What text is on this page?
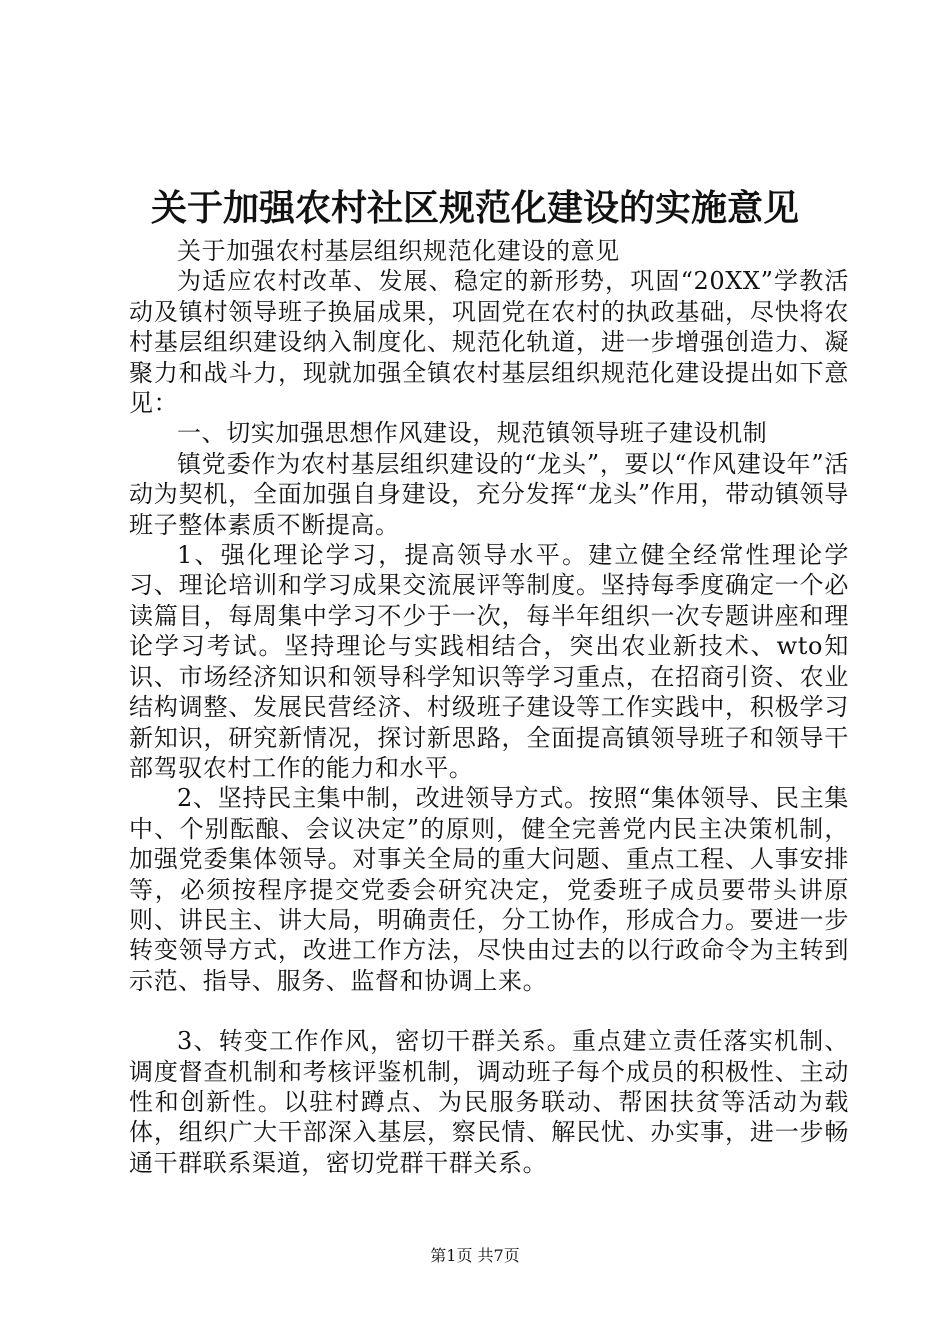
关于加强农村社区规范化建设的实施意见

关于加强农村基层组织规范化建设的意见

为适应农村改革、发展、稳定的新形势，巩固“20XX”学教活动及镇村领导班子换届成果，巩固党在农村的执政基础，尽快将农村基层组织建设纳入制度化、规范化轨道，进一步增强创造力、凝聚力和战斗力，现就加强全镇农村基层组织规范化建设提出如下意见：

一、切实加强思想作风建设，规范镇领导班子建设机制

镇党委作为农村基层组织建设的“龙头”，要以“作风建设年”活动为契机，全面加强自身建设，充分发挥“龙头”作用，带动镇领导班子整体素质不断提高。

1、强化理论学习，提高领导水平。建立健全经常性理论学习、理论培训和学习成果交流展评等制度。坚持每季度确定一个必读篇目，每周集中学习不少于一次，每半年组织一次专题讲座和理论学习考试。坚持理论与实践相结合，突出农业新技术、wto知识、市场经济知识和领导科学知识等学习重点，在招商引资、农业结构调整、发展民营经济、村级班子建设等工作实践中，积极学习新知识，研究新情况，探讨新思路，全面提高镇领导班子和领导干部驾驭农村工作的能力和水平。

2、坚持民主集中制，改进领导方式。按照“集体领导、民主集中、个别酝酿、会议决定”的原则，健全完善党内民主决策机制，加强党委集体领导。对事关全局的重大问题、重点工程、人事安排等，必须按程序提交党委会研究决定，党委班子成员要带头讲原则、讲民主、讲大局，明确责任，分工协作，形成合力。要进一步转变领导方式，改进工作方法，尽快由过去的以行政命令为主转到示范、指导、服务、监督和协调上来。

3、转变工作作风，密切干群关系。重点建立责任落实机制、调度督查机制和考核评鉴机制，调动班子每个成员的积极性、主动性和创新性。以驻村蹲点、为民服务联动、帮困扶贫等活动为载体，组织广大干部深入基层，察民情、解民忧、办实事，进一步畅通干群联系渠道，密切党群干群关系。

第1页 共7页
